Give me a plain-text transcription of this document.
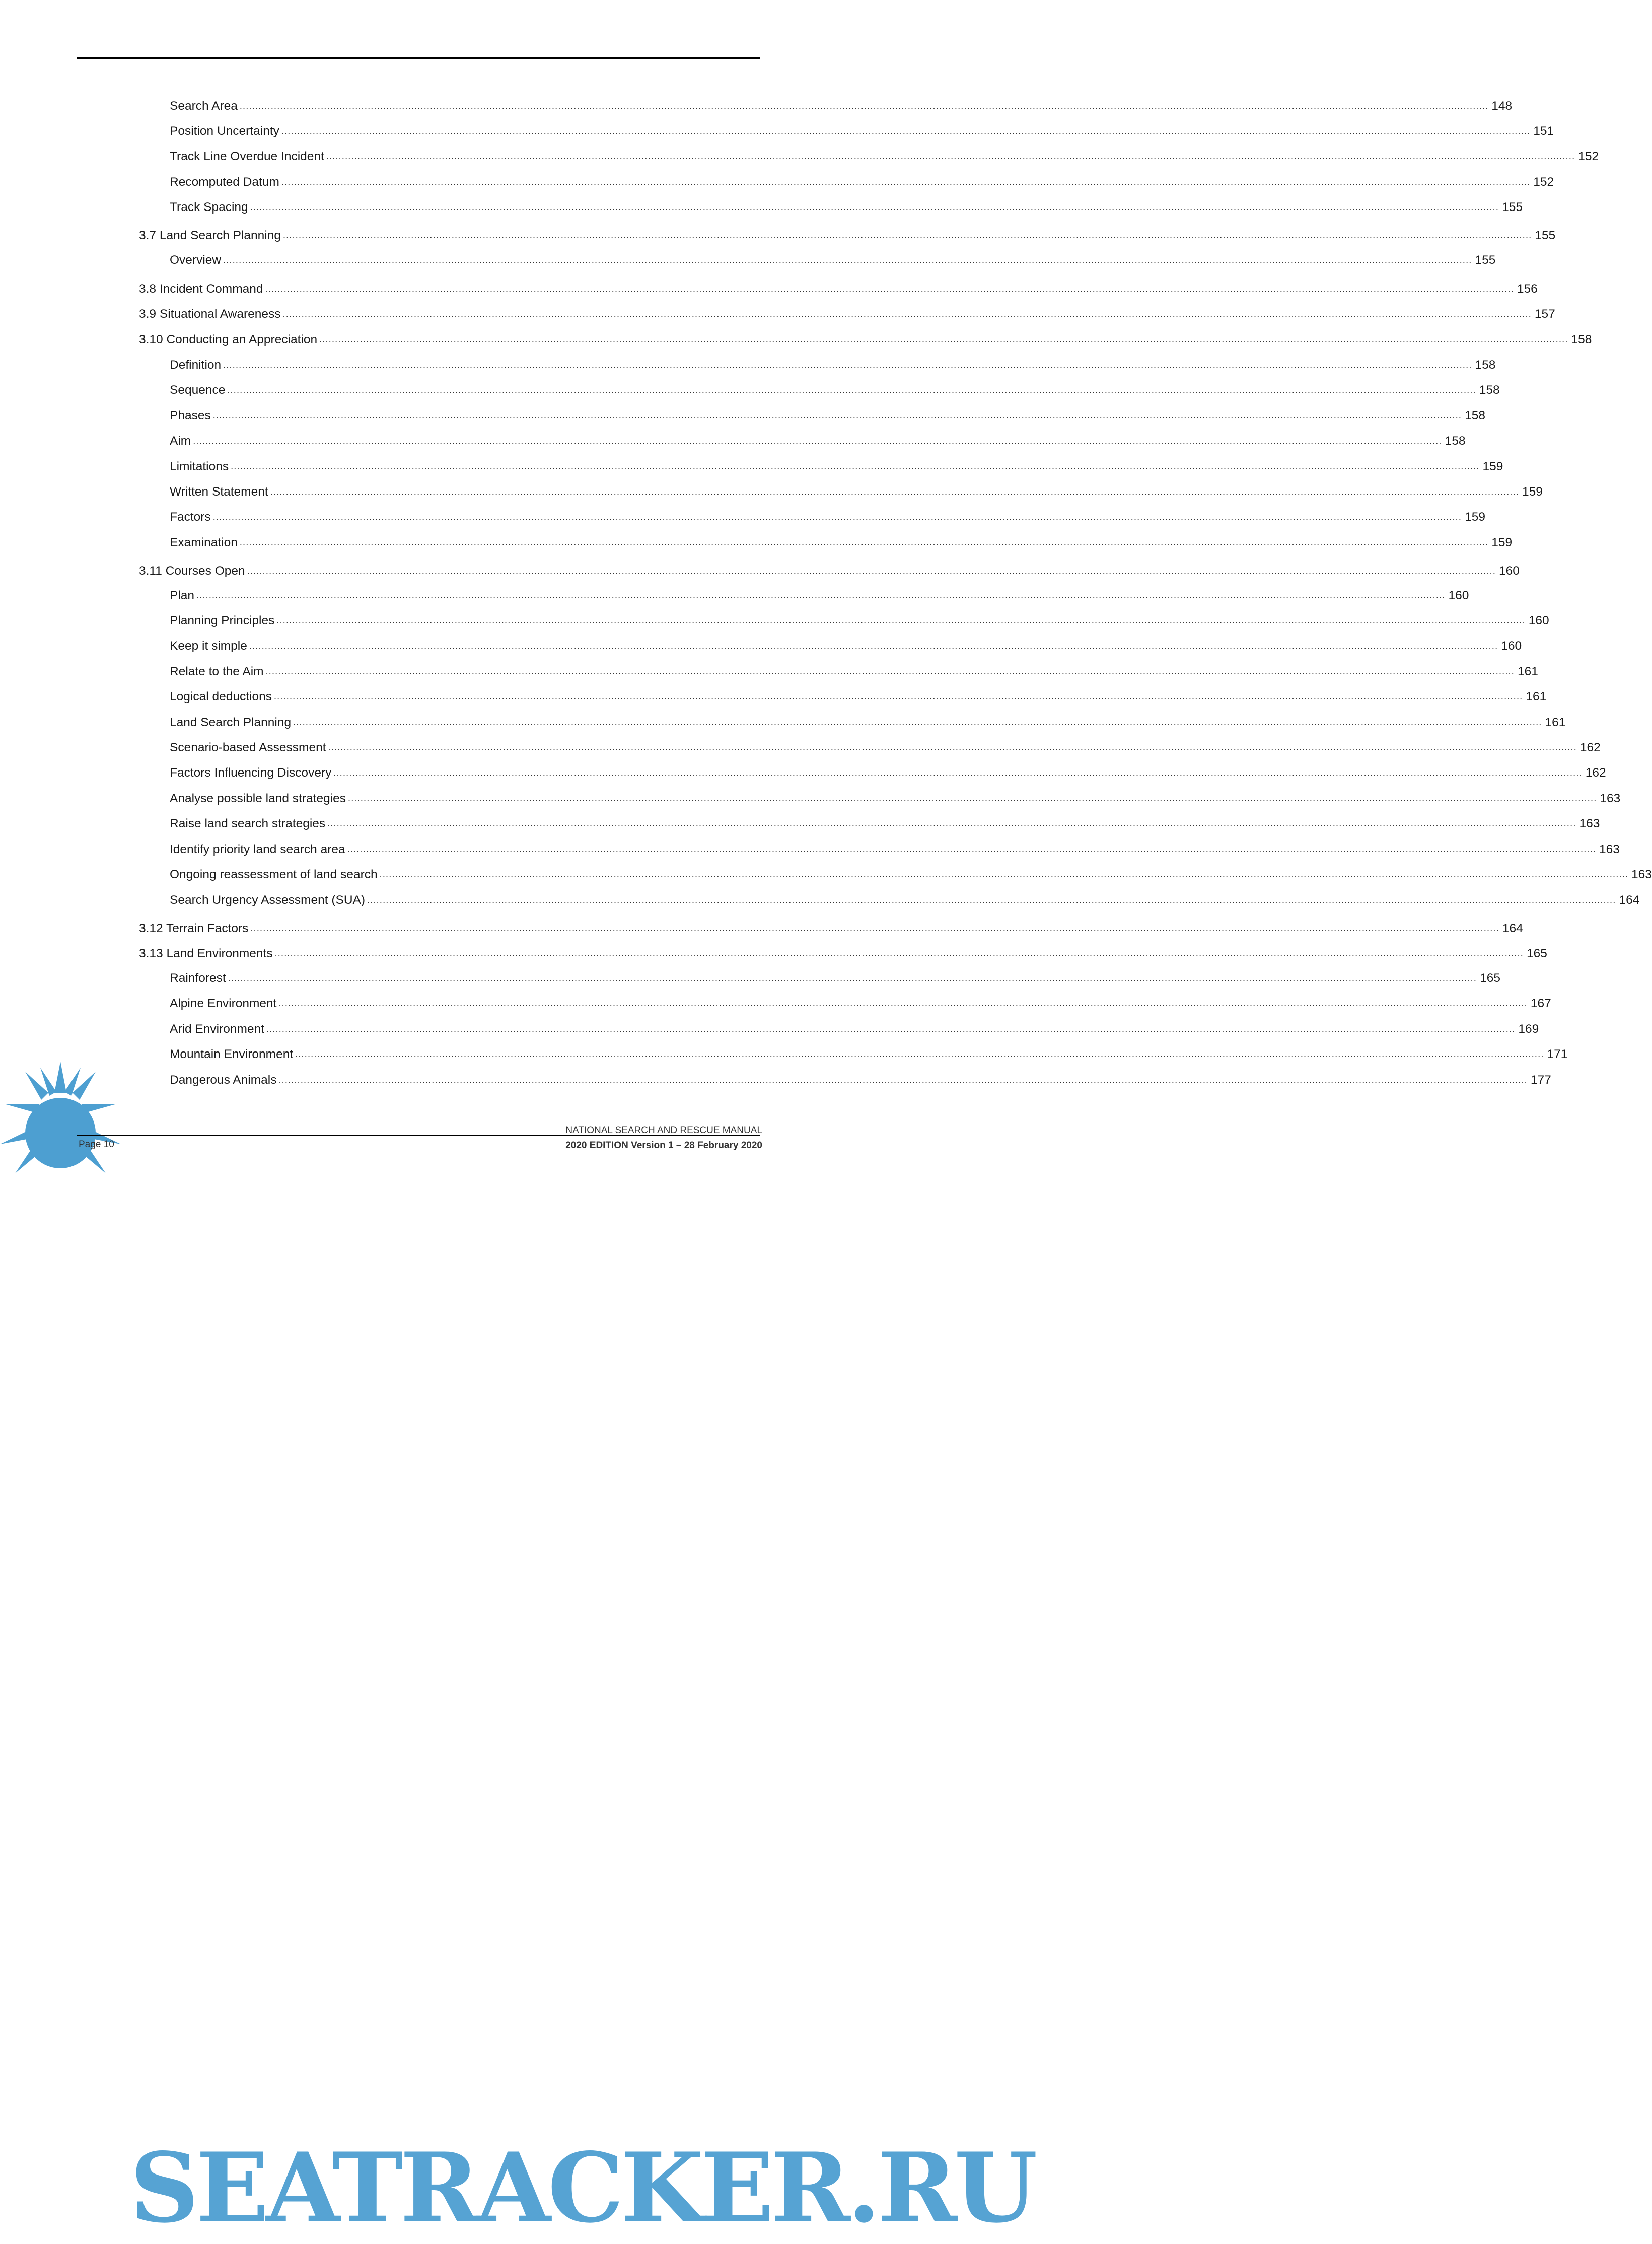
Search Area ................................................................................................................................................................................................................................................................................................................................................................................................................ 148
Position Uncertainty ................................................................................................................................................................................................................................................................................................................................................................................................................ 151
Track Line Overdue Incident ................................................................................................................................................................................................................................................................................................................................................................................................................ 152
Recomputed Datum ................................................................................................................................................................................................................................................................................................................................................................................................................ 152
Track Spacing ................................................................................................................................................................................................................................................................................................................................................................................................................ 155
3.7 Land Search Planning ................................................................................................................................................................................................................................................................................................................................................................................................................ 155
Overview ................................................................................................................................................................................................................................................................................................................................................................................................................ 155
3.8 Incident Command ................................................................................................................................................................................................................................................................................................................................................................................................................ 156
3.9 Situational Awareness ................................................................................................................................................................................................................................................................................................................................................................................................................ 157
3.10 Conducting an Appreciation ................................................................................................................................................................................................................................................................................................................................................................................................................ 158
Definition ................................................................................................................................................................................................................................................................................................................................................................................................................ 158
Sequence ................................................................................................................................................................................................................................................................................................................................................................................................................ 158
Phases ................................................................................................................................................................................................................................................................................................................................................................................................................ 158
Aim ................................................................................................................................................................................................................................................................................................................................................................................................................ 158
Limitations ................................................................................................................................................................................................................................................................................................................................................................................................................ 159
Written Statement ................................................................................................................................................................................................................................................................................................................................................................................................................ 159
Factors ................................................................................................................................................................................................................................................................................................................................................................................................................ 159
Examination ................................................................................................................................................................................................................................................................................................................................................................................................................ 159
3.11 Courses Open ................................................................................................................................................................................................................................................................................................................................................................................................................ 160
Plan ................................................................................................................................................................................................................................................................................................................................................................................................................ 160
Planning Principles ................................................................................................................................................................................................................................................................................................................................................................................................................ 160
Keep it simple ................................................................................................................................................................................................................................................................................................................................................................................................................ 160
Relate to the Aim ................................................................................................................................................................................................................................................................................................................................................................................................................ 161
Logical deductions ................................................................................................................................................................................................................................................................................................................................................................................................................ 161
Land Search Planning ................................................................................................................................................................................................................................................................................................................................................................................................................ 161
Scenario-based Assessment ................................................................................................................................................................................................................................................................................................................................................................................................................ 162
Factors Influencing Discovery ................................................................................................................................................................................................................................................................................................................................................................................................................ 162
Analyse possible land strategies ................................................................................................................................................................................................................................................................................................................................................................................................................ 163
Raise land search strategies ................................................................................................................................................................................................................................................................................................................................................................................................................ 163
Identify priority land search area ................................................................................................................................................................................................................................................................................................................................................................................................................ 163
Ongoing reassessment of land search ................................................................................................................................................................................................................................................................................................................................................................................................................ 163
Search Urgency Assessment (SUA) ................................................................................................................................................................................................................................................................................................................................................................................................................ 164
3.12 Terrain Factors ................................................................................................................................................................................................................................................................................................................................................................................................................ 164
3.13 Land Environments ................................................................................................................................................................................................................................................................................................................................................................................................................ 165
Rainforest ................................................................................................................................................................................................................................................................................................................................................................................................................ 165
Alpine Environment ................................................................................................................................................................................................................................................................................................................................................................................................................ 167
Arid Environment ................................................................................................................................................................................................................................................................................................................................................................................................................ 169
Mountain Environment ................................................................................................................................................................................................................................................................................................................................................................................................................ 171
Dangerous Animals ................................................................................................................................................................................................................................................................................................................................................................................................................ 177
SEATRACKER.RU
Page 10
NATIONAL SEARCH AND RESCUE MANUAL
2020 EDITION Version 1 – 28 February 2020
